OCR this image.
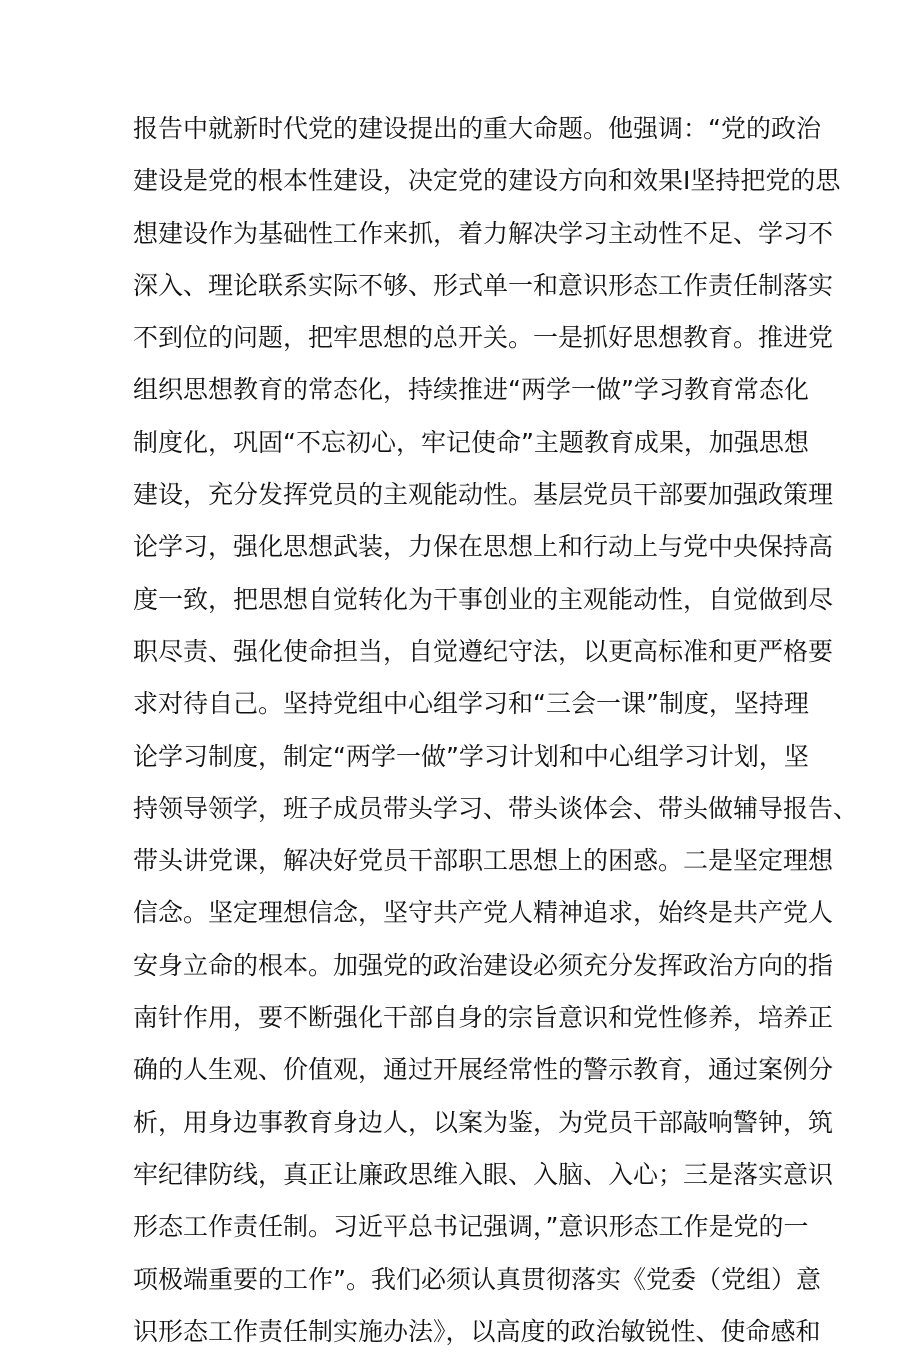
报告中就新时代党的建设提出的重大命题。他强调：“党的政治
建设是党的根本性建设，决定党的建设方向和效果I坚持把党的思
想建设作为基础性工作来抓，着力解决学习主动性不足、学习不
深入、理论联系实际不够、形式单一和意识形态工作责任制落实
不到位的问题，把牢思想的总开关。一是抓好思想教育。推进党
组织思想教育的常态化，持续推进“两学一做”学习教育常态化
制度化，巩固“不忘初心，牢记使命”主题教育成果，加强思想
建设，充分发挥党员的主观能动性。基层党员干部要加强政策理
论学习，强化思想武装，力保在思想上和行动上与党中央保持高
度一致，把思想自觉转化为干事创业的主观能动性，自觉做到尽
职尽责、强化使命担当，自觉遵纪守法，以更高标准和更严格要
求对待自己。坚持党组中心组学习和“三会一课”制度，坚持理
论学习制度，制定“两学一做”学习计划和中心组学习计划，坚
持领导领学，班子成员带头学习、带头谈体会、带头做辅导报告、
带头讲党课，解决好党员干部职工思想上的困惑。二是坚定理想
信念。坚定理想信念，坚守共产党人精神追求，始终是共产党人
安身立命的根本。加强党的政治建设必须充分发挥政治方向的指
南针作用，要不断强化干部自身的宗旨意识和党性修养，培养正
确的人生观、价值观，通过开展经常性的警示教育，通过案例分
析，用身边事教育身边人，以案为鉴，为党员干部敲响警钟，筑
牢纪律防线，真正让廉政思维入眼、入脑、入心；三是落实意识
形态工作责任制。习近平总书记强调，”意识形态工作是党的一
项极端重要的工作”。我们必须认真贯彻落实《党委（党组）意
识形态工作责任制实施办法》，以高度的政治敏锐性、使命感和
